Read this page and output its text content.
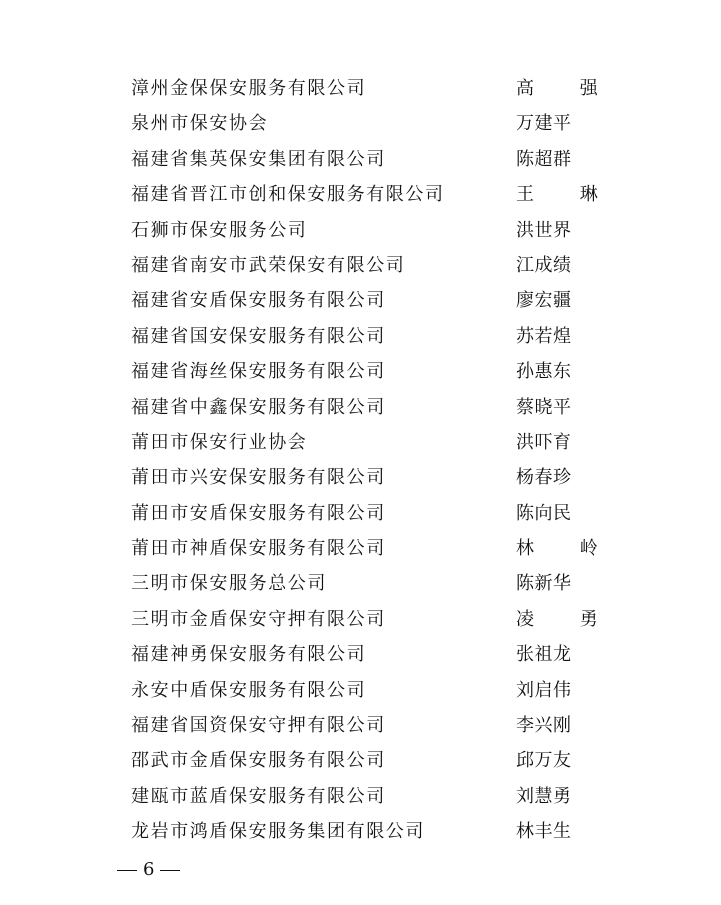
漳州金保保安服务有限公司	高 强
泉州市保安协会	万建平
福建省集英保安集团有限公司	陈超群
福建省晋江市创和保安服务有限公司	王 琳
石狮市保安服务公司	洪世界
福建省南安市武荣保安有限公司	江成绩
福建省安盾保安服务有限公司	廖宏疆
福建省国安保安服务有限公司	苏若煌
福建省海丝保安服务有限公司	孙惠东
福建省中鑫保安服务有限公司	蔡晓平
莆田市保安行业协会	洪吓育
莆田市兴安保安服务有限公司	杨春珍
莆田市安盾保安服务有限公司	陈向民
莆田市神盾保安服务有限公司	林 岭
三明市保安服务总公司	陈新华
三明市金盾保安守押有限公司	凌 勇
福建神勇保安服务有限公司	张祖龙
永安中盾保安服务有限公司	刘启伟
福建省国资保安守押有限公司	李兴刚
邵武市金盾保安服务有限公司	邱万友
建瓯市蓝盾保安服务有限公司	刘慧勇
龙岩市鸿盾保安服务集团有限公司	林丰生
6
